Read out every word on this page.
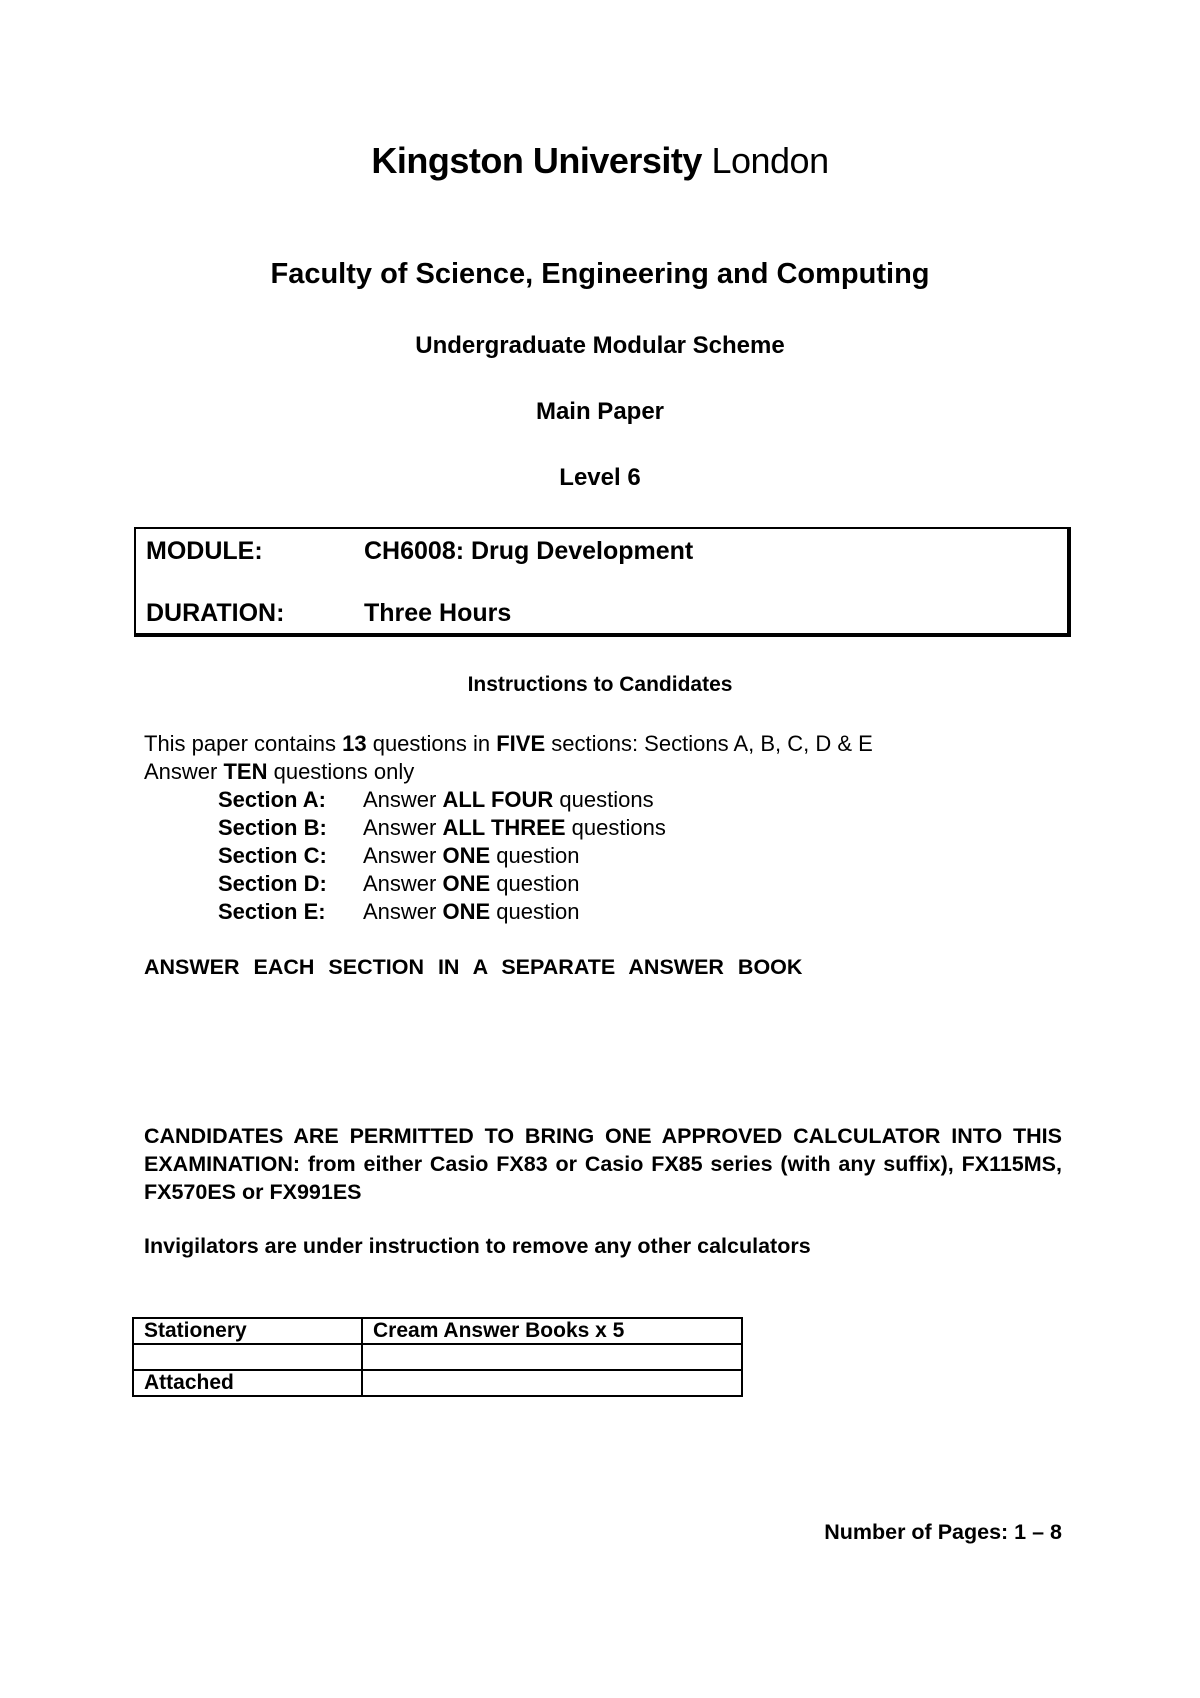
Kingston University London
Faculty of Science, Engineering and Computing
Undergraduate Modular Scheme
Main Paper
Level 6
MODULE:	CH6008: Drug Development
DURATION:	Three Hours
Instructions to Candidates
This paper contains 13 questions in FIVE sections: Sections A, B, C, D & E
Answer TEN questions only
Section A: Answer ALL FOUR questions
Section B: Answer ALL THREE questions
Section C: Answer ONE question
Section D: Answer ONE question
Section E: Answer ONE question
ANSWER EACH SECTION IN A SEPARATE ANSWER BOOK
CANDIDATES ARE PERMITTED TO BRING ONE APPROVED CALCULATOR INTO THIS EXAMINATION: from either Casio FX83 or Casio FX85 series (with any suffix), FX115MS, FX570ES or FX991ES
Invigilators are under instruction to remove any other calculators
Stationery	Cream Answer Books x 5

Attached	
Number of Pages: 1 – 8
